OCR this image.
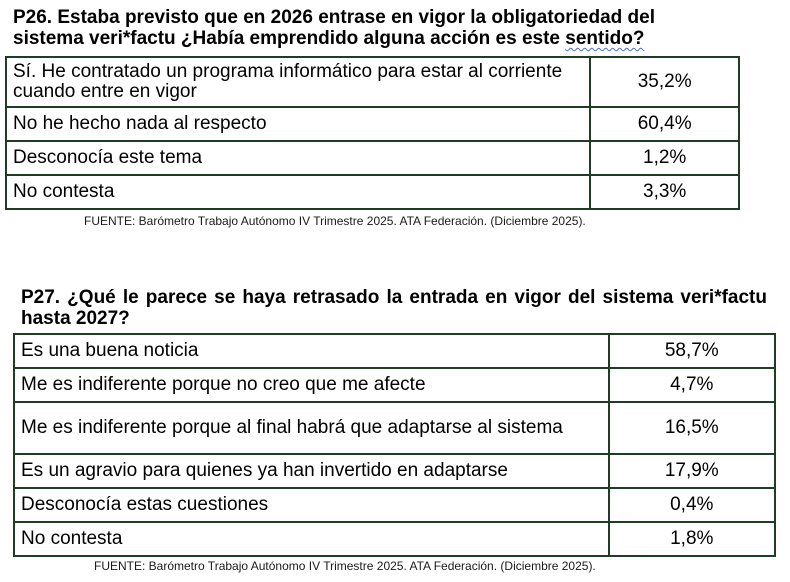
P26. Estaba previsto que en 2026 entrase en vigor la obligatoriedad del
sistema veri*factu ¿Había emprendido alguna acción es este sentido?
Sí. He contratado un programa informático para estar al corriente cuando entre en vigor	35,2%
No he hecho nada al respecto	60,4%
Desconocía este tema	1,2%
No contesta	3,3%
FUENTE: Barómetro Trabajo Autónomo IV Trimestre 2025. ATA Federación. (Diciembre 2025).
P27. ¿Qué le parece se haya retrasado la entrada en vigor del sistema veri*factu hasta 2027?
Es una buena noticia	58,7%
Me es indiferente porque no creo que me afecte	4,7%
Me es indiferente porque al final habrá que adaptarse al sistema	16,5%
Es un agravio para quienes ya han invertido en adaptarse	17,9%
Desconocía estas cuestiones	0,4%
No contesta	1,8%
FUENTE: Barómetro Trabajo Autónomo IV Trimestre 2025. ATA Federación. (Diciembre 2025).
